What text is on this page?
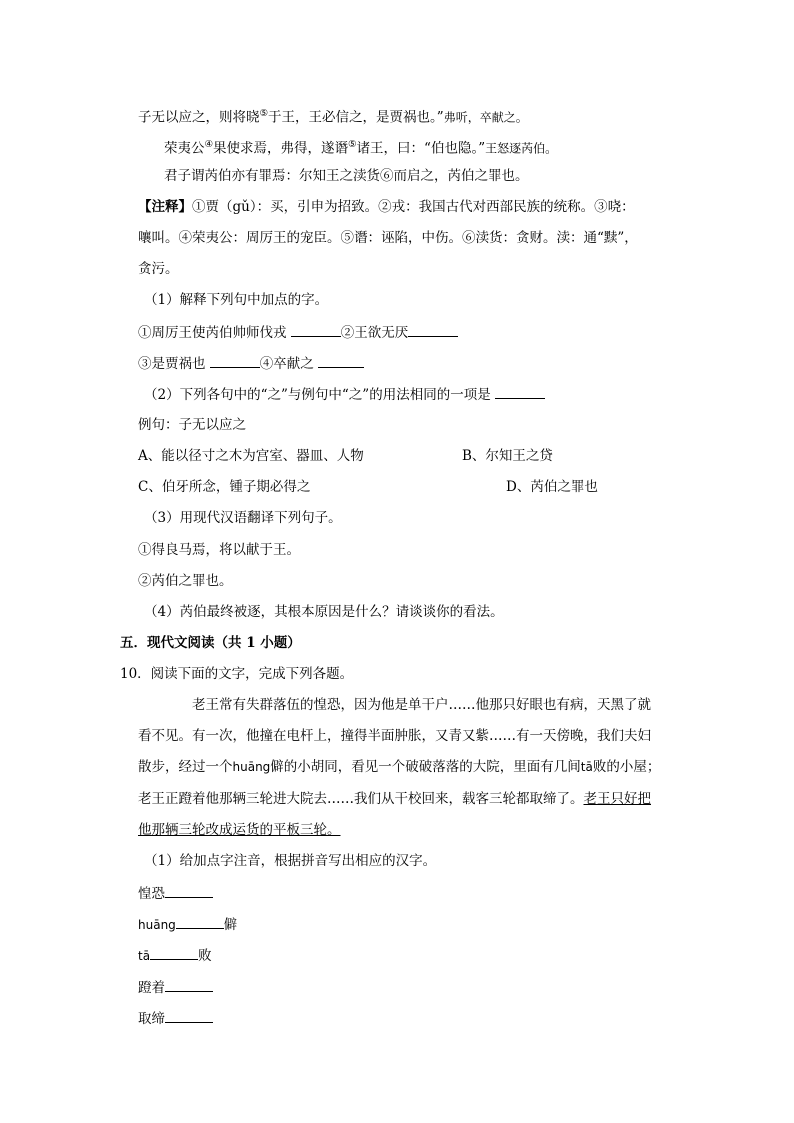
子无以应之，则将晓⑤于王，王必信之，是贾祸也。”弗听，卒献之。
荣夷公④果使求焉，弗得，遂谮⑤诸王，曰：“伯也隐。”王怒逐芮伯。
君子谓芮伯亦有罪焉：尔知王之渎货⑥而启之，芮伯之罪也。
【注释】①贾（gǔ）：买，引申为招致。②戎：我国古代对西部民族的统称。③哓：
嚷叫。④荣夷公：周厉王的宠臣。⑤谮：诬陷，中伤。⑥渎货：贪财。渎：通“黩”，
贪污。
（1）解释下列句中加点的字。
①周厉王使芮伯帅师伐戎	②王欲无厌
③是贾祸也	④卒献之
（2）下列各句中的“之”与例句中“之”的用法相同的一项是
例句：子无以应之
A、能以径寸之木为宫室、器皿、人物	B、尔知王之贷
C、伯牙所念，锺子期必得之	D、芮伯之罪也
（3）用现代汉语翻译下列句子。
①得良马焉，将以献于王。
②芮伯之罪也。
（4）芮伯最终被逐，其根本原因是什么？请谈谈你的看法。
五．现代文阅读（共 1 小题）
10．阅读下面的文字，完成下列各题。
老王常有失群落伍的惶恐，因为他是单干户……他那只好眼也有病，天黑了就
看不见。有一次，他撞在电杆上，撞得半面肿胀，又青又紫……有一天傍晚，我们夫妇
散步，经过一个huāng僻的小胡同，看见一个破破落落的大院，里面有几间tā败的小屋；
老王正蹬着他那辆三轮进大院去……我们从干校回来，载客三轮都取缔了。老王只好把
他那辆三轮改成运货的平板三轮。
（1）给加点字注音，根据拼音写出相应的汉字。
惶恐
huāng	僻
tā	败
蹬着
取缔
